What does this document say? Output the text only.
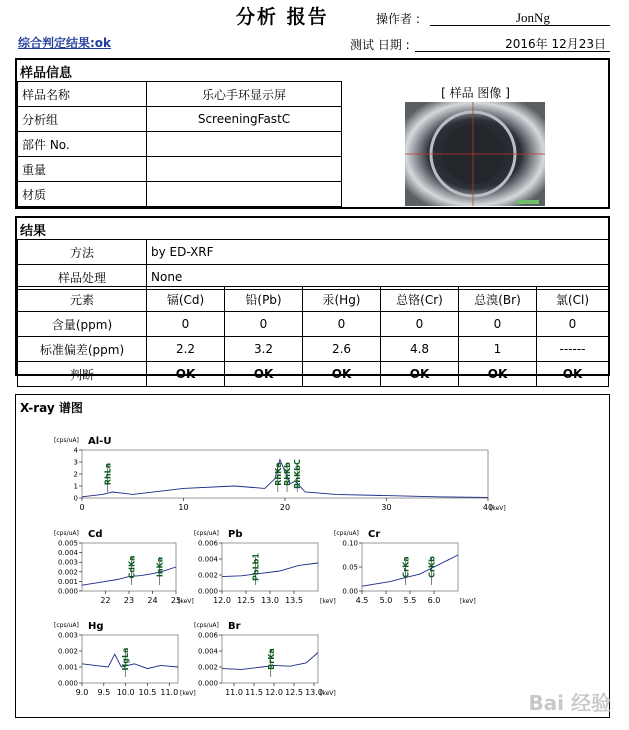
分析 报告	操作者 :	JonNg
综合判定结果:ok	测试 日期 :	2016年 12月23日
样品信息
样品名称	乐心手环显示屏
分析组	ScreeningFastC
部件 No.	
重量	
材质	
[ 样品 图像 ]
结果
方法	by ED-XRF
样品处理	None
元素	镉(Cd)	铅(Pb)	汞(Hg)	总铬(Cr)	总溴(Br)	氯(Cl)
含量(ppm)	0	0	0	0	0	0
标准偏差(ppm)	2.2	3.2	2.6	4.8	1	------
判断	OK	OK	OK	OK	OK	OK
X-ray 谱图
[cps/uA] Al-U
0
1
2
3
4
0	10	20	30	40
[keV]
RhLa	RhKa RhKb RhKbC
[cps/uA] Cd
0.000
0.001
0.002
0.003
0.004
0.005
22 23 24 25
[keV]
CdKa InKa
[cps/uA] Pb
0.000
0.002
0.004
0.006
12.0 12.5 13.0 13.5	[keV]
PbLb1
[cps/uA] Cr
0.00
0.05
0.10
4.5 5.0 5.5 6.0	[keV]
CrKa CrKb
[cps/uA] Hg
0.000
0.001
0.002
0.003
9.0 9.5 10.0 10.5 11.0 [keV]
HgLa
[cps/uA] Br
0.000
0.002
0.004
0.006
11.0 11.5 12.0 12.5 13.0
[keV]
BrKa
Bai 经验
